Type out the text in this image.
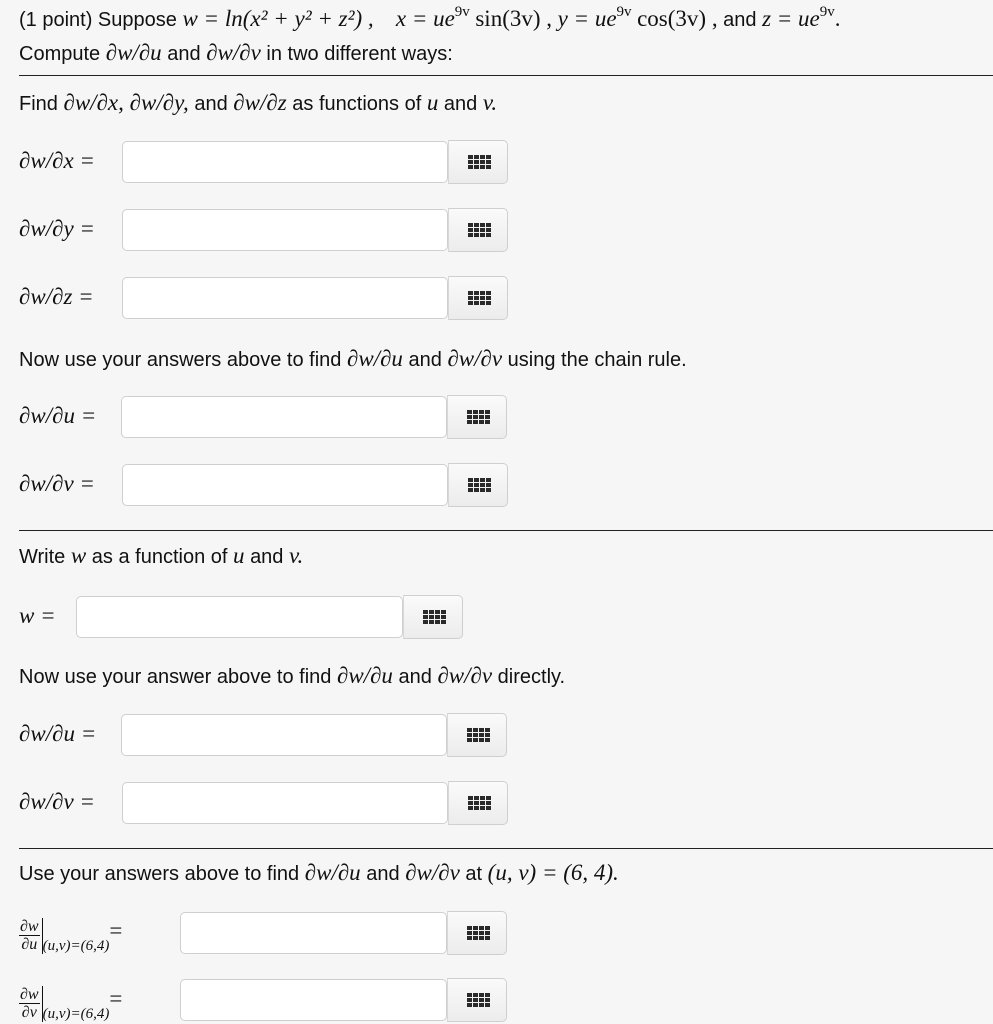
(1 point) Suppose w = ln(x² + y² + z²) , $x = ue^{9v}$ sin(3v) , $y = ue^{9v}$ cos(3v) , and $z = ue^{9v}$.
Compute ∂w/∂u and ∂w/∂v in two different ways:
Find ∂w/∂x, ∂w/∂y, and ∂w/∂z as functions of u and v.
∂w/∂x =
∂w/∂y =
∂w/∂z =
Now use your answers above to find ∂w/∂u and ∂w/∂v using the chain rule.
∂w/∂u =
∂w/∂v =
Write w as a function of u and v.
w =
Now use your answer above to find ∂w/∂u and ∂w/∂v directly.
∂w/∂u =
∂w/∂v =
Use your answers above to find ∂w/∂u and ∂w/∂v at (u, v) = (6, 4).
$\frac{\partial w}{\partial u} (u,v)=(6,4)=$
$\frac{\partial w}{\partial v} (u,v)=(6,4)=$
